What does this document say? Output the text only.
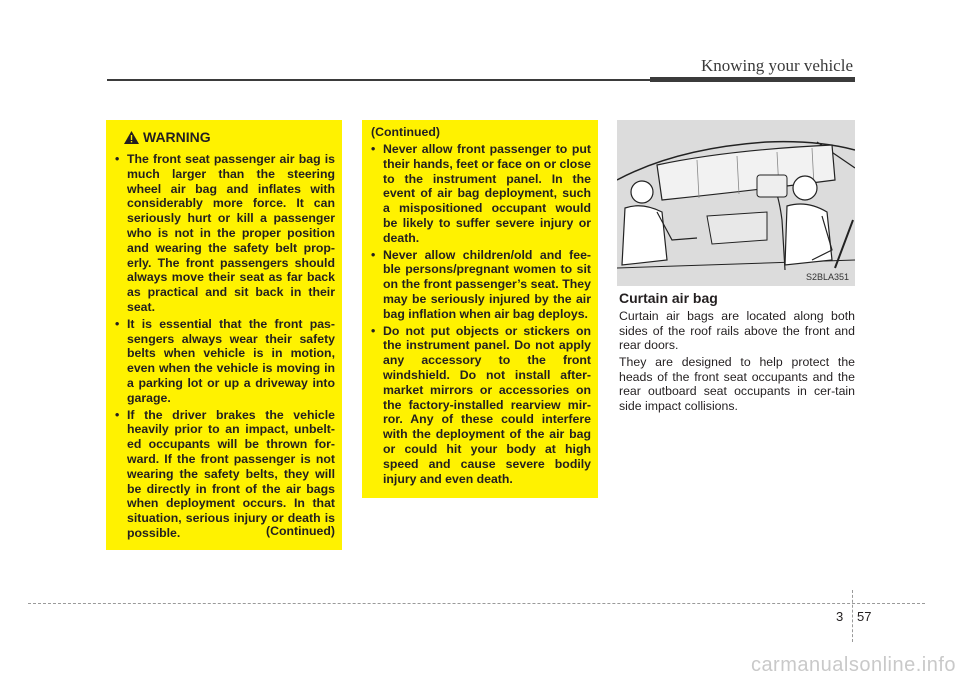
Knowing your vehicle
WARNING
• The front seat passenger air bag is much larger than the steering wheel air bag and inflates with considerably more force. It can seriously hurt or kill a passenger who is not in the proper position and wearing the safety belt prop-erly. The front passengers should always move their seat as far back as practical and sit back in their seat.
• It is essential that the front pas-sengers always wear their safety belts when vehicle is in motion, even when the vehicle is moving in a parking lot or up a driveway into garage.
• If the driver brakes the vehicle heavily prior to an impact, unbelt-ed occupants will be thrown for-ward. If the front passenger is not wearing the safety belts, they will be directly in front of the air bags when deployment occurs. In that situation, serious injury or death is possible.	(Continued)
(Continued)
• Never allow front passenger to put their hands, feet or face on or close to the instrument panel. In the event of air bag deployment, such a mispositioned occupant would be likely to suffer severe injury or death.
• Never allow children/old and fee-ble persons/pregnant women to sit on the front passenger’s seat. They may be seriously injured by the air bag inflation when air bag deploys.
• Do not put objects or stickers on the instrument panel. Do not apply any accessory to the front windshield. Do not install after-market mirrors or accessories on the factory-installed rearview mir-ror. Any of these could interfere with the deployment of the air bag or could hit your body at high speed and cause severe bodily injury and even death.
S2BLA351
Curtain air bag
Curtain air bags are located along both sides of the roof rails above the front and rear doors.
They are designed to help protect the heads of the front seat occupants and the rear outboard seat occupants in cer-tain side impact collisions.
3 57
carmanualsonline.info
